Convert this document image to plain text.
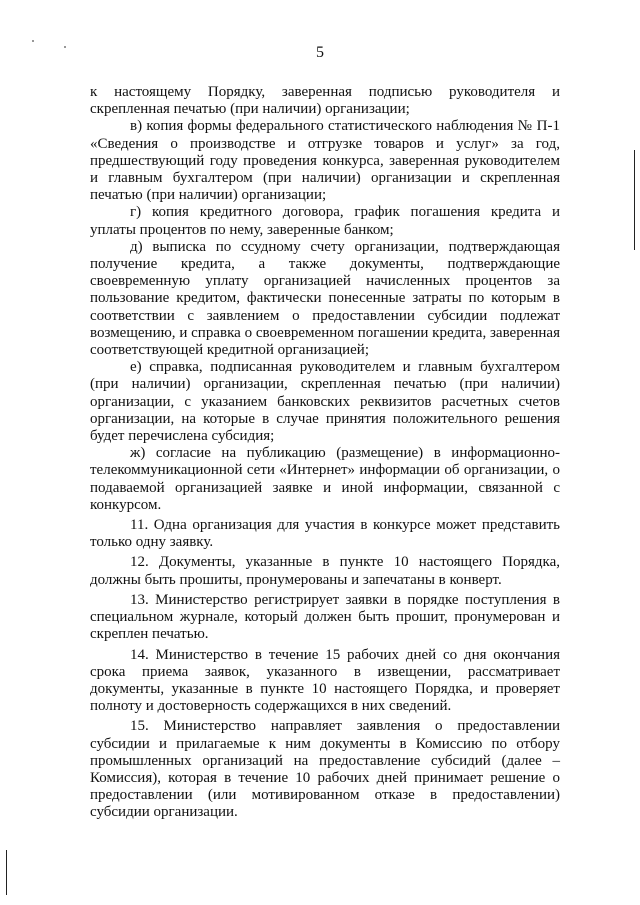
5

к настоящему Порядку, заверенная подписью руководителя и скрепленная печатью (при наличии) организации;

в) копия формы федерального статистического наблюдения № П-1 «Сведения о производстве и отгрузке товаров и услуг» за год, предшествующий году проведения конкурса, заверенная руководителем и главным бухгалтером (при наличии) организации и скрепленная печатью (при наличии) организации;

г) копия кредитного договора, график погашения кредита и уплаты процентов по нему, заверенные банком;

д) выписка по ссудному счету организации, подтверждающая получение кредита, а также документы, подтверждающие своевременную уплату организацией начисленных процентов за пользование кредитом, фактически понесенные затраты по которым в соответствии с заявлением о предоставлении субсидии подлежат возмещению, и справка о своевременном погашении кредита, заверенная соответствующей кредитной организацией;

е) справка, подписанная руководителем и главным бухгалтером (при наличии) организации, скрепленная печатью (при наличии) организации, с указанием банковских реквизитов расчетных счетов организации, на которые в случае принятия положительного решения будет перечислена субсидия;

ж) согласие на публикацию (размещение) в информационно-телекоммуникационной сети «Интернет» информации об организации, о подаваемой организацией заявке и иной информации, связанной с конкурсом.

11. Одна организация для участия в конкурсе может представить только одну заявку.

12. Документы, указанные в пункте 10 настоящего Порядка, должны быть прошиты, пронумерованы и запечатаны в конверт.

13. Министерство регистрирует заявки в порядке поступления в специальном журнале, который должен быть прошит, пронумерован и скреплен печатью.

14. Министерство в течение 15 рабочих дней со дня окончания срока приема заявок, указанного в извещении, рассматривает документы, указанные в пункте 10 настоящего Порядка, и проверяет полноту и достоверность содержащихся в них сведений.

15. Министерство направляет заявления о предоставлении субсидии и прилагаемые к ним документы в Комиссию по отбору промышленных организаций на предоставление субсидий (далее – Комиссия), которая в течение 10 рабочих дней принимает решение о предоставлении (или мотивированном отказе в предоставлении) субсидии организации.
